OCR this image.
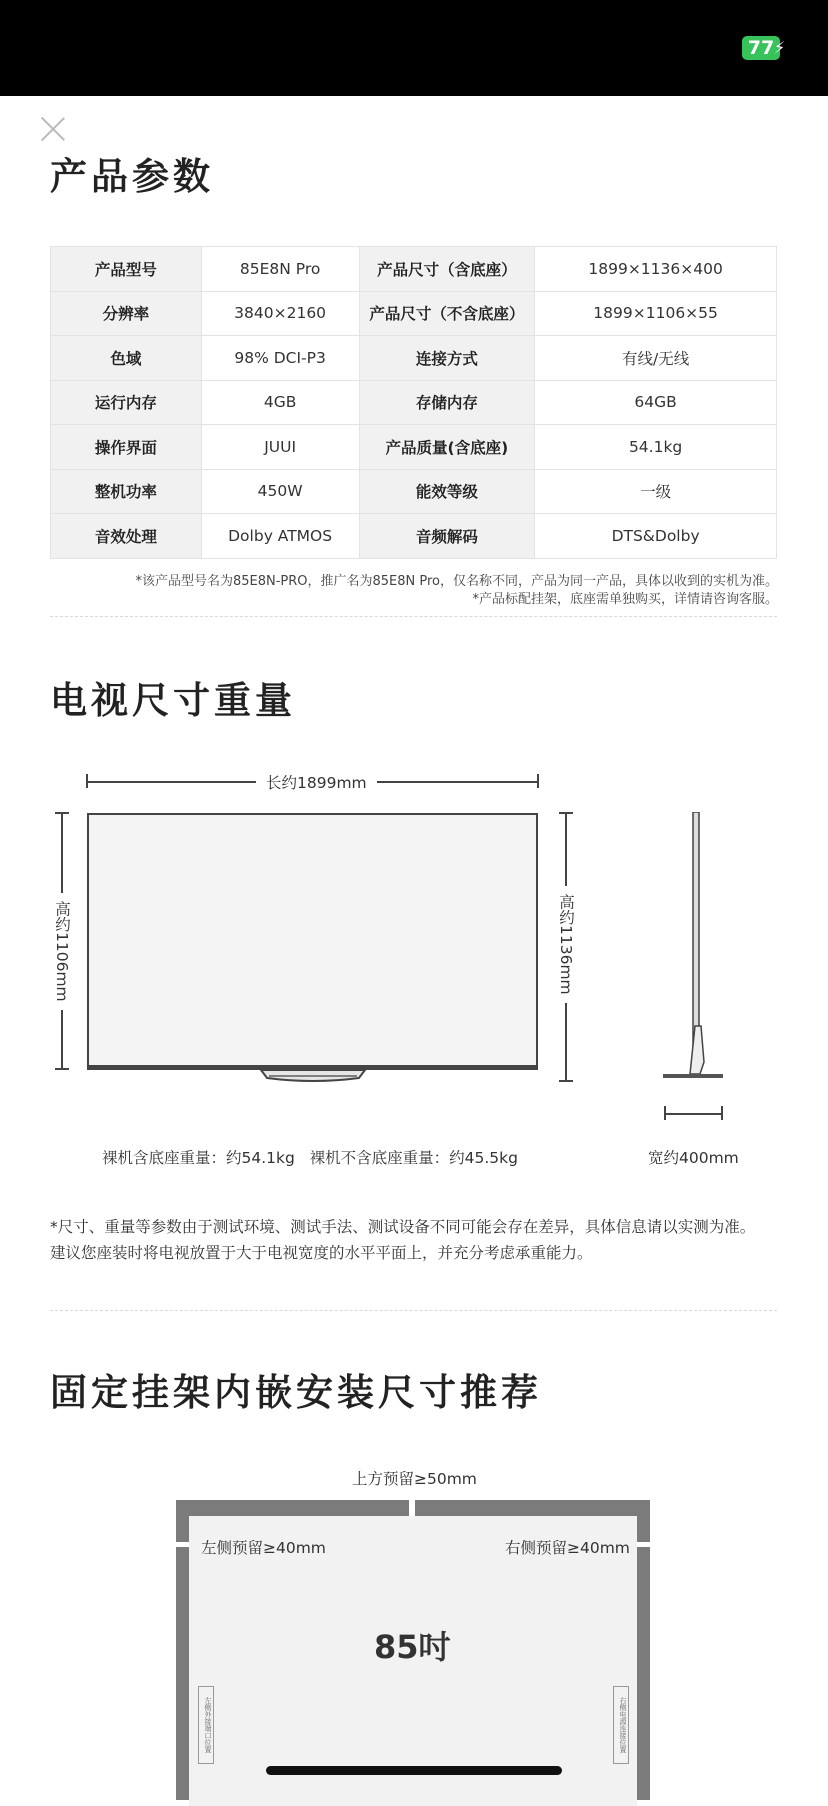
77 ⚡
产品参数
产品型号	85E8N Pro	产品尺寸（含底座）	1899×1136×400
分辨率	3840×2160	产品尺寸（不含底座）	1899×1106×55
色域	98% DCI-P3	连接方式	有线/无线
运行内存	4GB	存储内存	64GB
操作界面	JUUI	产品质量(含底座)	54.1kg
整机功率	450W	能效等级	一级
音效处理	Dolby ATMOS	音频解码	DTS&Dolby
*该产品型号名为85E8N-PRO，推广名为85E8N Pro，仅名称不同，产品为同一产品，具体以收到的实机为准。
*产品标配挂架，底座需单独购买，详情请咨询客服。
电视尺寸重量
长约1899mm
高约1106mm	高约1136mm
宽约400mm
裸机含底座重量：约54.1kg   裸机不含底座重量：约45.5kg
*尺寸、重量等参数由于测试环境、测试手法、测试设备不同可能会存在差异，具体信息请以实测为准。
建议您座装时将电视放置于大于电视宽度的水平平面上，并充分考虑承重能力。
固定挂架内嵌安装尺寸推荐
上方预留≥50mm
左侧预留≥40mm	右侧预留≥40mm
85吋
左侧外接端口位置	右侧电源连接位置
